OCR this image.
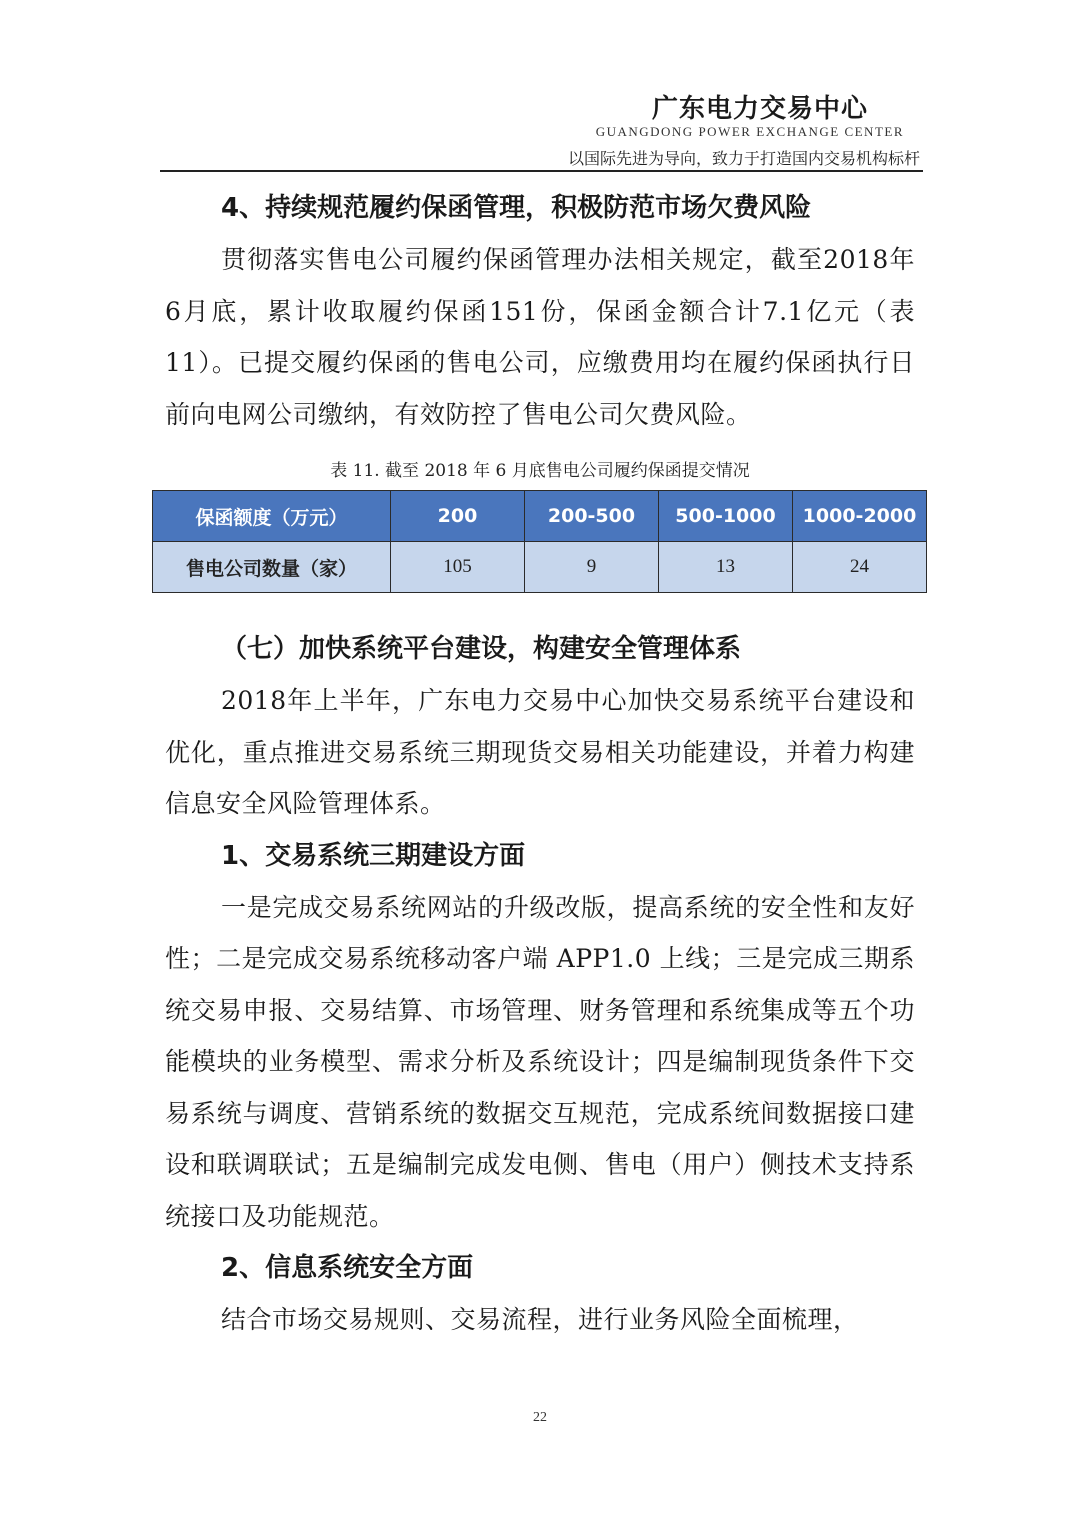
广东电力交易中心
GUANGDONG POWER EXCHANGE CENTER
以国际先进为导向，致力于打造国内交易机构标杆
4、持续规范履约保函管理，积极防范市场欠费风险

贯彻落实售电公司履约保函管理办法相关规定，截至2018年6月底，累计收取履约保函151份，保函金额合计7.1亿元（表 11）。已提交履约保函的售电公司，应缴费用均在履约保函执行日前向电网公司缴纳，有效防控了售电公司欠费风险。

表 11. 截至 2018 年 6 月底售电公司履约保函提交情况
保函额度（万元）	200	200-500	500-1000	1000-2000
售电公司数量（家）	105	9	13	24
（七）加快系统平台建设，构建安全管理体系

2018年上半年，广东电力交易中心加快交易系统平台建设和优化，重点推进交易系统三期现货交易相关功能建设，并着力构建信息安全风险管理体系。

1、交易系统三期建设方面

一是完成交易系统网站的升级改版，提高系统的安全性和友好性；二是完成交易系统移动客户端 APP1.0 上线；三是完成三期系统交易申报、交易结算、市场管理、财务管理和系统集成等五个功能模块的业务模型、需求分析及系统设计；四是编制现货条件下交易系统与调度、营销系统的数据交互规范，完成系统间数据接口建设和联调联试；五是编制完成发电侧、售电（用户）侧技术支持系统接口及功能规范。

2、信息系统安全方面

结合市场交易规则、交易流程，进行业务风险全面梳理，

22
